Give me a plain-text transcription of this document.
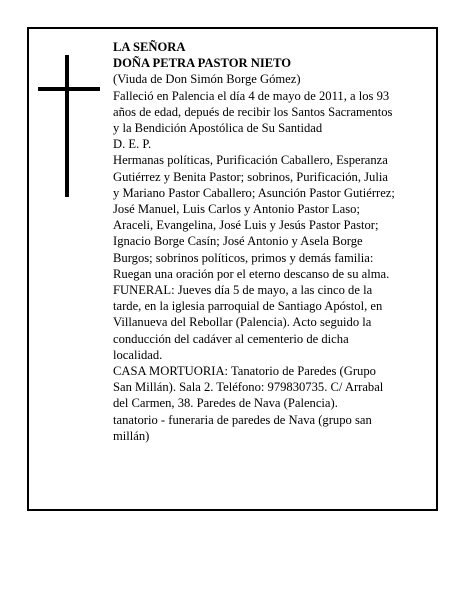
LA SEÑORA
DOÑA PETRA PASTOR NIETO
(Viuda de Don Simón Borge Gómez)
Falleció en Palencia el día 4 de mayo de 2011, a los 93
años de edad, depués de recibir los Santos Sacramentos
y la Bendición Apostólica de Su Santidad
D. E. P.
Hermanas políticas, Purificación Caballero, Esperanza
Gutiérrez y Benita Pastor; sobrinos, Purificación, Julia
y Mariano Pastor Caballero; Asunción Pastor Gutiérrez;
José Manuel, Luis Carlos y Antonio Pastor Laso;
Araceli, Evangelina, José Luis y Jesús Pastor Pastor;
Ignacio Borge Casín; José Antonio y Asela Borge
Burgos; sobrinos políticos, primos y demás familia:
Ruegan una oración por el eterno descanso de su alma.
FUNERAL: Jueves día 5 de mayo, a las cinco de la
tarde, en la iglesia parroquial de Santiago Apóstol, en
Villanueva del Rebollar (Palencia). Acto seguido la
conducción del cadáver al cementerio de dicha
localidad.
CASA MORTUORIA: Tanatorio de Paredes (Grupo
San Millán). Sala 2. Teléfono: 979830735. C/ Arrabal
del Carmen, 38. Paredes de Nava (Palencia).
tanatorio - funeraria de paredes de Nava (grupo san
millán)
